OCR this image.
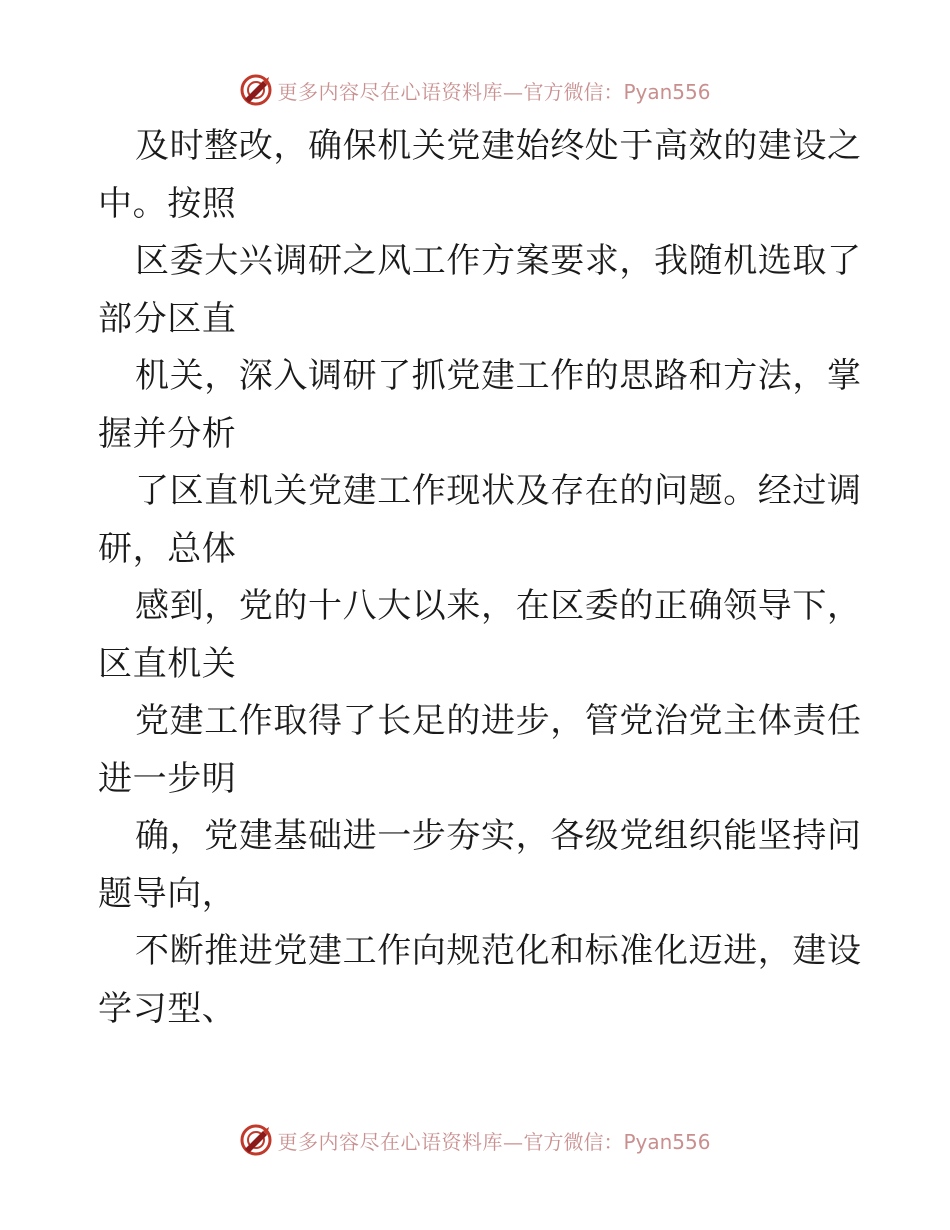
更多内容尽在心语资料库— 官方微信：Pyan556
及时整改，确保机关党建始终处于高效的建设之
中。按照
区委大兴调研之风工作方案要求，我随机选取了
部分区直
机关，深入调研了抓党建工作的思路和方法，掌
握并分析
了区直机关党建工作现状及存在的问题。经过调
研，总体
感到，党的十八大以来，在区委的正确领导下，
区直机关
党建工作取得了长足的进步，管党治党主体责任
进一步明
确，党建基础进一步夯实，各级党组织能坚持问
题导向，
不断推进党建工作向规范化和标准化迈进，建设
学习型、
更多内容尽在心语资料库— 官方微信：Pyan556
